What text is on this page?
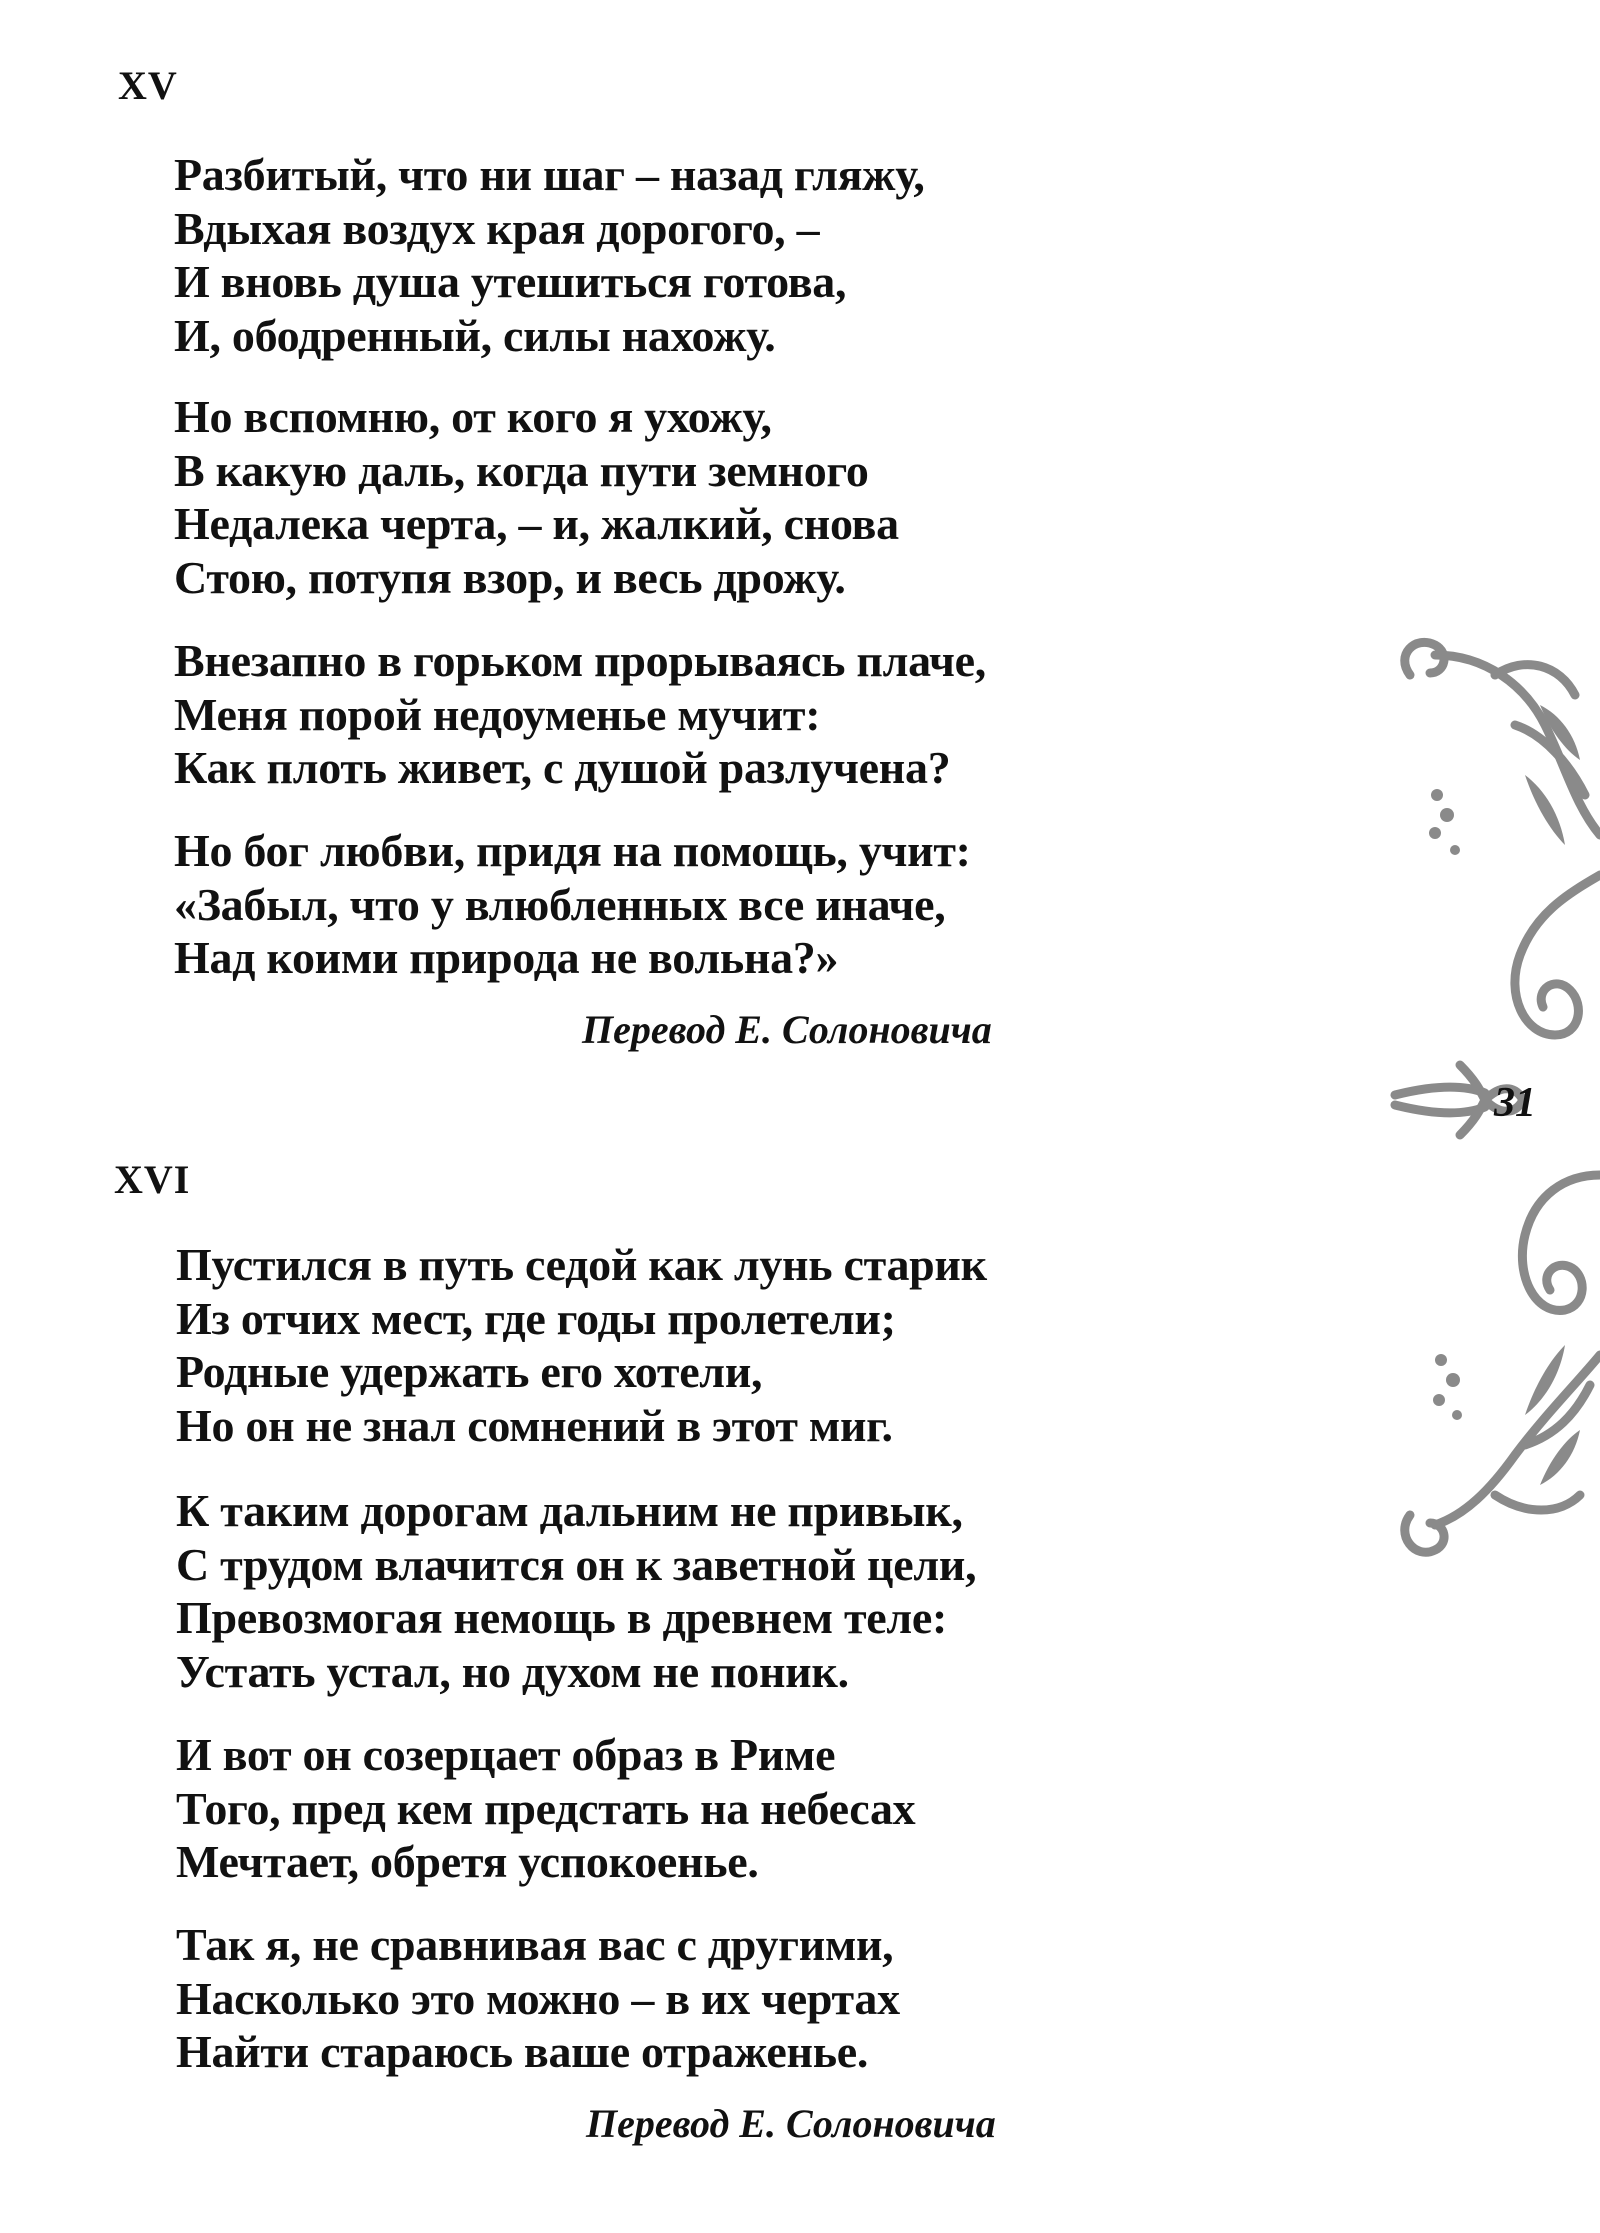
XV
Разбитый, что ни шаг – назад гляжу,
Вдыхая воздух края дорогого, –
И вновь душа утешиться готова,
И, ободренный, силы нахожу.
Но вспомню, от кого я ухожу,
В какую даль, когда пути земного
Недалека черта, – и, жалкий, снова
Стою, потупя взор, и весь дрожу.
Внезапно в горьком прорываясь плаче,
Меня порой недоуменье мучит:
Как плоть живет, с душой разлучена?
Но бог любви, придя на помощь, учит:
«Забыл, что у влюбленных все иначе,
Над коими природа не вольна?»
Перевод Е. Солоновича
XVI
Пустился в путь седой как лунь старик
Из отчих мест, где годы пролетели;
Родные удержать его хотели,
Но он не знал сомнений в этот миг.
К таким дорогам дальним не привык,
С трудом влачится он к заветной цели,
Превозмогая немощь в древнем теле:
Устать устал, но духом не поник.
И вот он созерцает образ в Риме
Того, пред кем предстать на небесах
Мечтает, обретя успокоенье.
Так я, не сравнивая вас с другими,
Насколько это можно – в их чертах
Найти стараюсь ваше отраженье.
Перевод Е. Солоновича
31
